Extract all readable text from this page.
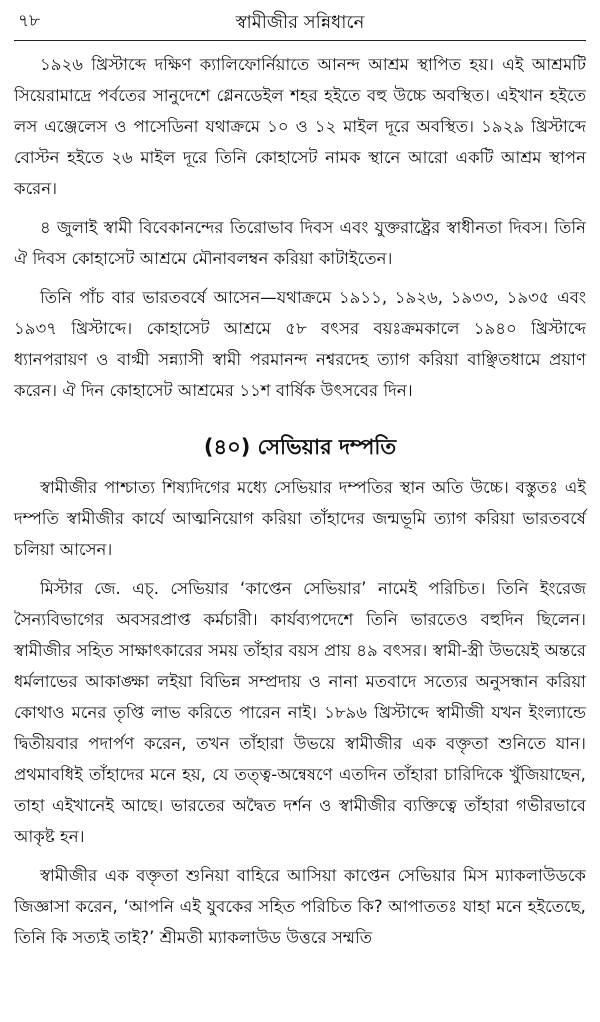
৭৮	স্বামীজীর সন্নিধানে

১৯২৬ খ্রিস্টাব্দে দক্ষিণ ক্যালিফোর্নিয়াতে আনন্দ আশ্রম স্থাপিত হয়। এই আশ্রমটি সিয়েরামাদ্রে পর্বতের সানুদেশে গ্লেনডেইল শহর হইতে বহু উচ্চে অবস্থিত। এইখান হইতে লস এঞ্জেলেস ও পাসেডিনা যথাক্রমে ১০ ও ১২ মাইল দূরে অবস্থিত। ১৯২৯ খ্রিস্টাব্দে বোস্টন হইতে ২৬ মাইল দূরে তিনি কোহাসেট নামক স্থানে আরো একটি আশ্রম স্থাপন করেন।

৪ জুলাই স্বামী বিবেকানন্দের তিরোভাব দিবস এবং যুক্তরাষ্ট্রের স্বাধীনতা দিবস। তিনি ঐ দিবস কোহাসেট আশ্রমে মৌনাবলম্বন করিয়া কাটাইতেন।

তিনি পাঁচ বার ভারতবর্ষে আসেন—যথাক্রমে ১৯১১, ১৯২৬, ১৯৩৩, ১৯৩৫ এবং ১৯৩৭ খ্রিস্টাব্দে। কোহাসেট আশ্রমে ৫৮ বৎসর বয়ঃক্রমকালে ১৯৪০ খ্রিস্টাব্দে ধ্যানপরায়ণ ও বাগ্মী সন্ন্যাসী স্বামী পরমানন্দ নশ্বরদেহ ত্যাগ করিয়া বাঞ্ছিতধামে প্রয়াণ করেন। ঐ দিন কোহাসেট আশ্রমের ১১শ বার্ষিক উৎসবের দিন।

(৪০) সেভিয়ার দম্পতি

স্বামীজীর পাশ্চাত্য শিষ্যদিগের মধ্যে সেভিয়ার দম্পতির স্থান অতি উচ্চে। বস্তুতঃ এই দম্পতি স্বামীজীর কার্যে আত্মনিয়োগ করিয়া তাঁহাদের জন্মভূমি ত্যাগ করিয়া ভারতবর্ষে চলিয়া আসেন।

মিস্টার জে. এচ্. সেভিয়ার ‘কাপ্তেন সেভিয়ার’ নামেই পরিচিত। তিনি ইংরেজ সৈন্যবিভাগের অবসরপ্রাপ্ত কর্মচারী। কার্যব্যপদেশে তিনি ভারতেও বহুদিন ছিলেন। স্বামীজীর সহিত সাক্ষাৎকারের সময় তাঁহার বয়স প্রায় ৪৯ বৎসর। স্বামী-স্ত্রী উভয়েই অন্তরে ধর্মলাভের আকাঙ্ক্ষা লইয়া বিভিন্ন সম্প্রদায় ও নানা মতবাদে সত্যের অনুসন্ধান করিয়া কোথাও মনের তৃপ্তি লাভ করিতে পারেন নাই। ১৮৯৬ খ্রিস্টাব্দে স্বামীজী যখন ইংল্যান্ডে দ্বিতীয়বার পদার্পণ করেন, তখন তাঁহারা উভয়ে স্বামীজীর এক বক্তৃতা শুনিতে যান। প্রথমাবধিই তাঁহাদের মনে হয়, যে তত্ত্ব-অন্বেষণে এতদিন তাঁহারা চারিদিকে খুঁজিয়াছেন, তাহা এইখানেই আছে। ভারতের অদ্বৈত দর্শন ও স্বামীজীর ব্যক্তিত্বে তাঁহারা গভীরভাবে আকৃষ্ট হন।

স্বামীজীর এক বক্তৃতা শুনিয়া বাহিরে আসিয়া কাপ্তেন সেভিয়ার মিস ম্যাকলাউডকে জিজ্ঞাসা করেন, ‘আপনি এই যুবকের সহিত পরিচিত কি? আপাততঃ যাহা মনে হইতেছে, তিনি কি সত্যই তাই?’ শ্রীমতী ম্যাকলাউড উত্তরে সম্মতি
